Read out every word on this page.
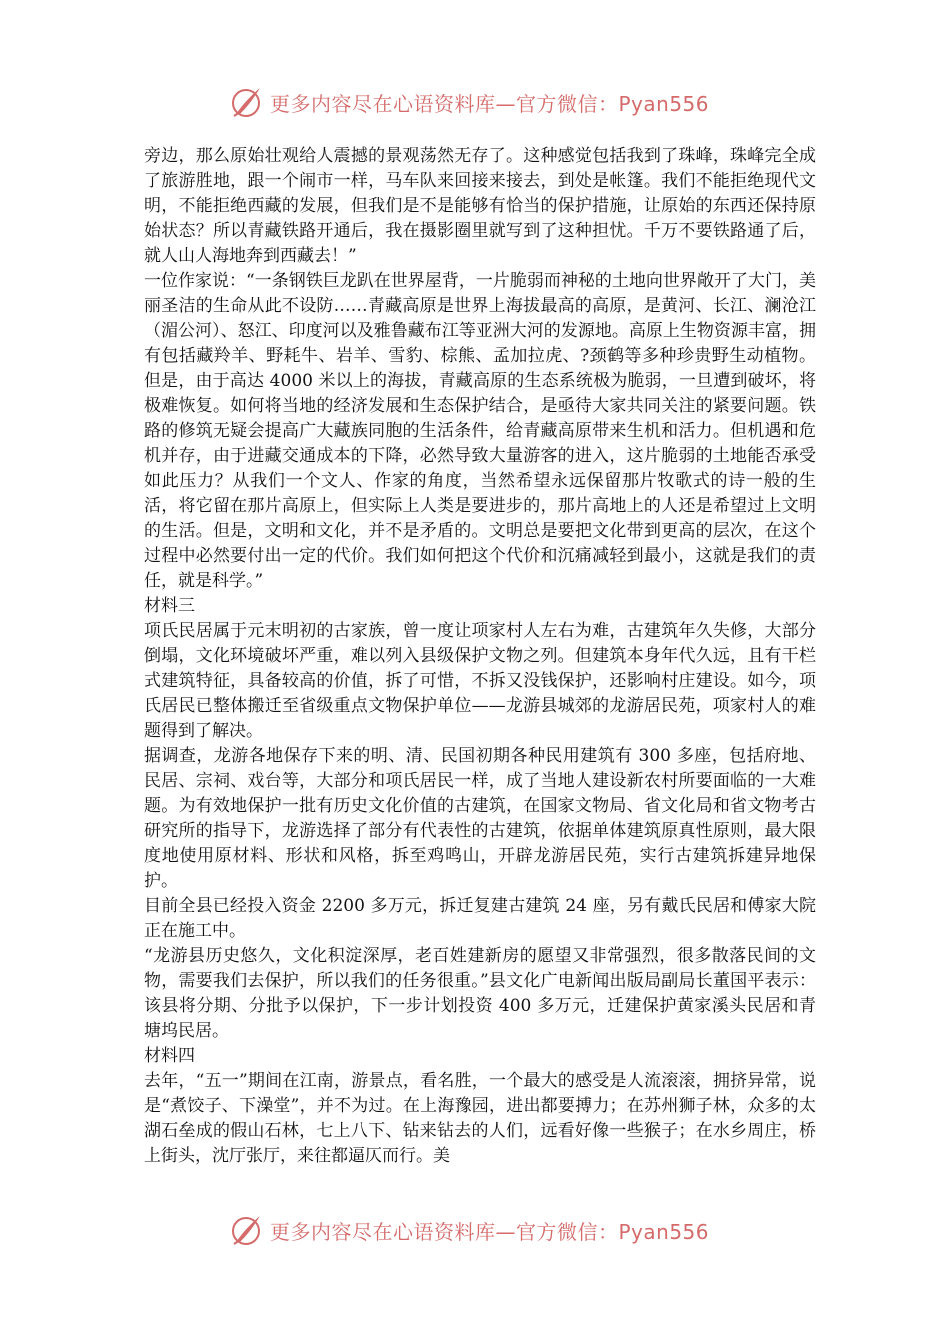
更多内容尽在心语资料库—官方微信：Pyan556

旁边，那么原始壮观给人震撼的景观荡然无存了。这种感觉包括我到了珠峰，珠峰完全成了旅游胜地，跟一个闹市一样，马车队来回接来接去，到处是帐篷。我们不能拒绝现代文明，不能拒绝西藏的发展，但我们是不是能够有恰当的保护措施，让原始的东西还保持原始状态？所以青藏铁路开通后，我在摄影圈里就写到了这种担忧。千万不要铁路通了后，就人山人海地奔到西藏去！”

一位作家说：“一条钢铁巨龙趴在世界屋背，一片脆弱而神秘的土地向世界敞开了大门，美丽圣洁的生命从此不设防……青藏高原是世界上海拔最高的高原，是黄河、长江、澜沧江（湄公河）、怒江、印度河以及雅鲁藏布江等亚洲大河的发源地。高原上生物资源丰富，拥有包括藏羚羊、野耗牛、岩羊、雪豹、棕熊、孟加拉虎、?颈鹤等多种珍贵野生动植物。但是，由于高达 4000 米以上的海拔，青藏高原的生态系统极为脆弱，一旦遭到破坏，将极难恢复。如何将当地的经济发展和生态保护结合，是亟待大家共同关注的紧要问题。铁路的修筑无疑会提高广大藏族同胞的生活条件，给青藏高原带来生机和活力。但机遇和危机并存，由于进藏交通成本的下降，必然导致大量游客的进入，这片脆弱的土地能否承受如此压力？从我们一个文人、作家的角度，当然希望永远保留那片牧歌式的诗一般的生活，将它留在那片高原上，但实际上人类是要进步的，那片高地上的人还是希望过上文明的生活。但是，文明和文化，并不是矛盾的。文明总是要把文化带到更高的层次，在这个过程中必然要付出一定的代价。我们如何把这个代价和沉痛减轻到最小，这就是我们的责任，就是科学。”

材料三

项氏民居属于元末明初的古家族，曾一度让项家村人左右为难，古建筑年久失修，大部分倒塌，文化环境破坏严重，难以列入县级保护文物之列。但建筑本身年代久远，且有干栏式建筑特征，具备较高的价值，拆了可惜，不拆又没钱保护，还影响村庄建设。如今，项氏居民已整体搬迁至省级重点文物保护单位——龙游县城郊的龙游居民苑，项家村人的难题得到了解决。

据调查，龙游各地保存下来的明、清、民国初期各种民用建筑有 300 多座，包括府地、民居、宗祠、戏台等，大部分和项氏居民一样，成了当地人建设新农村所要面临的一大难题。为有效地保护一批有历史文化价值的古建筑，在国家文物局、省文化局和省文物考古研究所的指导下，龙游选择了部分有代表性的古建筑，依据单体建筑原真性原则，最大限度地使用原材料、形状和风格，拆至鸡鸣山，开辟龙游居民苑，实行古建筑拆建异地保护。

目前全县已经投入资金 2200 多万元，拆迁复建古建筑 24 座，另有戴氏民居和傅家大院正在施工中。

“龙游县历史悠久，文化积淀深厚，老百姓建新房的愿望又非常强烈，很多散落民间的文物，需要我们去保护，所以我们的任务很重。”县文化广电新闻出版局副局长董国平表示：该县将分期、分批予以保护，下一步计划投资 400 多万元，迁建保护黄家溪头民居和青塘坞民居。

材料四

去年，“五一”期间在江南，游景点，看名胜，一个最大的感受是人流滚滚，拥挤异常，说是“煮饺子、下澡堂”，并不为过。在上海豫园，进出都要搏力；在苏州狮子林，众多的太湖石垒成的假山石林，七上八下、钻来钻去的人们，远看好像一些猴子；在水乡周庄，桥上街头，沈厅张厅，来往都逼仄而行。美

更多内容尽在心语资料库—官方微信：Pyan556
